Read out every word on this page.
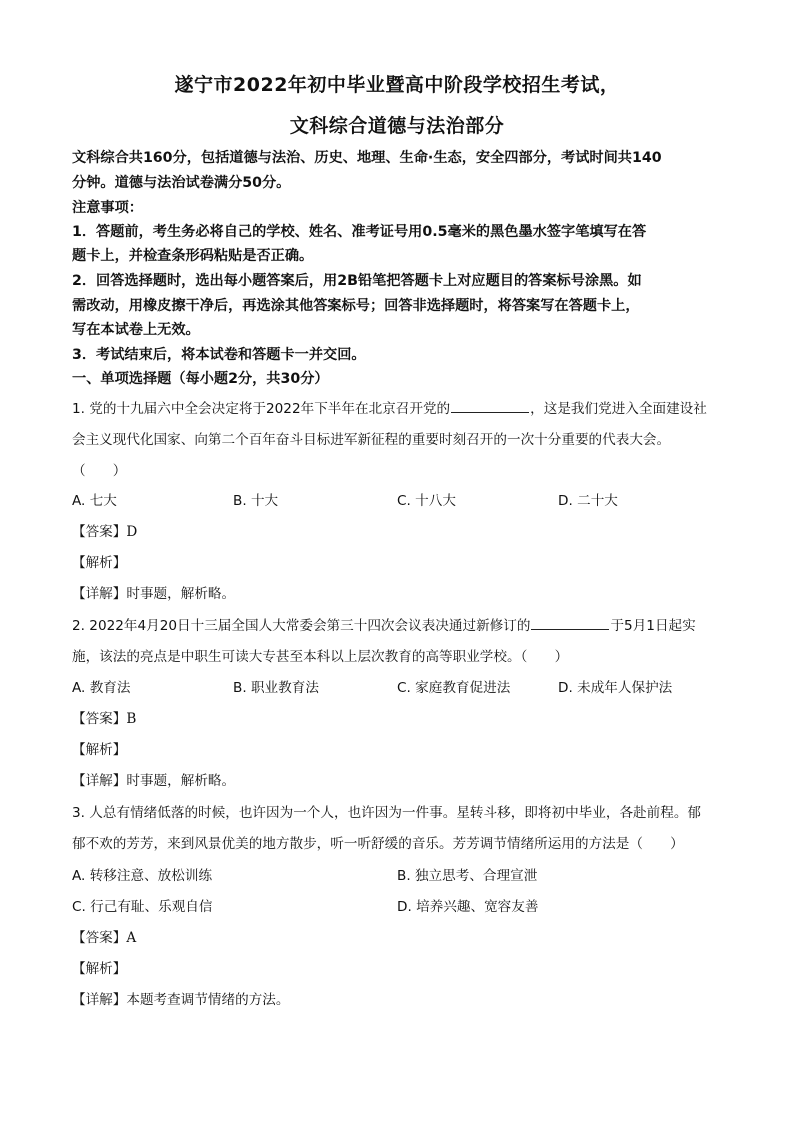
遂宁市2022年初中毕业暨高中阶段学校招生考试，
文科综合道德与法治部分
文科综合共160分，包括道德与法治、历史、地理、生命·生态，安全四部分，考试时间共140
分钟。道德与法治试卷满分50分。
注意事项：
1．答题前，考生务必将自己的学校、姓名、准考证号用0.5毫米的黑色墨水签字笔填写在答
题卡上，并检查条形码粘贴是否正确。
2．回答选择题时，选出每小题答案后，用2B铅笔把答题卡上对应题目的答案标号涂黑。如
需改动，用橡皮擦干净后，再选涂其他答案标号；回答非选择题时，将答案写在答题卡上，
写在本试卷上无效。
3．考试结束后，将本试卷和答题卡一并交回。
一、单项选择题（每小题2分，共30分）
1. 党的十九届六中全会决定将于2022年下半年在北京召开党的	，这是我们党进入全面建设社
会主义现代化国家、向第二个百年奋斗目标进军新征程的重要时刻召开的一次十分重要的代表大会。
（　　）
A. 七大	B. 十大	C. 十八大	D. 二十大
【答案】D
【解析】
【详解】时事题，解析略。
2. 2022年4月20日十三届全国人大常委会第三十四次会议表决通过新修订的	于5月1日起实
施，该法的亮点是中职生可读大专甚至本科以上层次教育的高等职业学校。（　　）
A. 教育法	B. 职业教育法	C. 家庭教育促进法	D. 未成年人保护法
【答案】B
【解析】
【详解】时事题，解析略。
3. 人总有情绪低落的时候，也许因为一个人，也许因为一件事。星转斗移，即将初中毕业，各赴前程。郁
郁不欢的芳芳，来到风景优美的地方散步，听一听舒缓的音乐。芳芳调节情绪所运用的方法是（　　）
A. 转移注意、放松训练	B. 独立思考、合理宣泄
C. 行己有耻、乐观自信	D. 培养兴趣、宽容友善
【答案】A
【解析】
【详解】本题考查调节情绪的方法。
